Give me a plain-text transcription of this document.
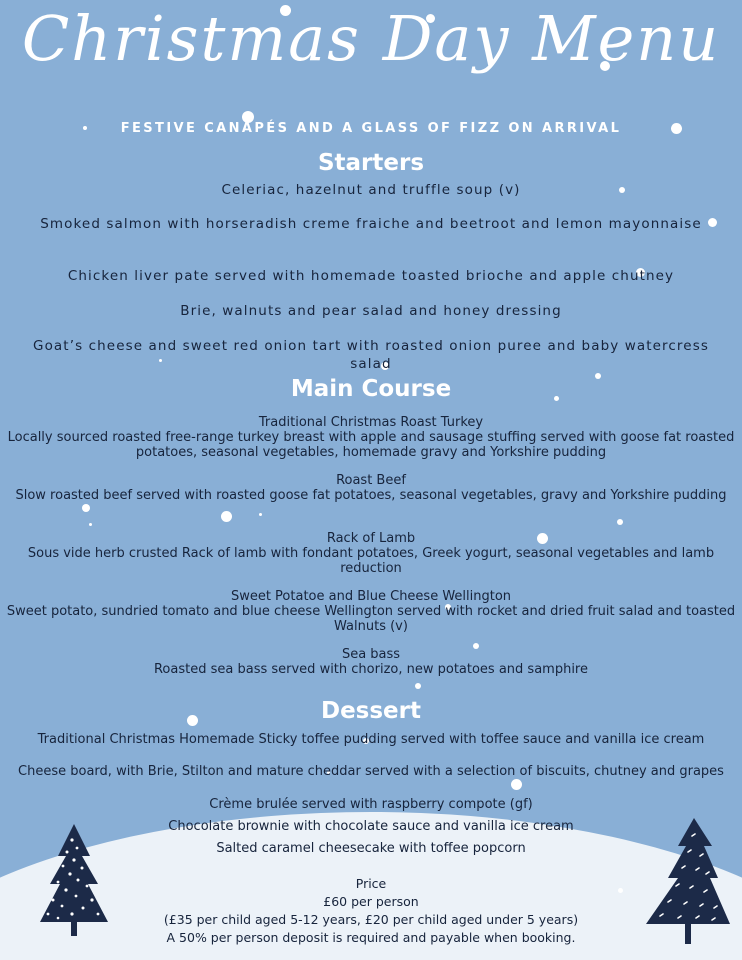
Christmas Day Menu
FESTIVE CANAPÉS AND A GLASS OF FIZZ ON ARRIVAL
Starters
Celeriac, hazelnut and truffle soup (v)
Smoked salmon with horseradish creme fraiche and beetroot and lemon mayonnaise
Chicken liver pate served with homemade toasted brioche and apple chutney
Brie, walnuts and pear salad and honey dressing
Goat’s cheese and sweet red onion tart with roasted onion puree and baby watercress salad
Main Course
Traditional Christmas Roast Turkey
Locally sourced roasted free-range turkey breast with apple and sausage stuffing served with goose fat roasted potatoes, seasonal vegetables, homemade gravy and Yorkshire pudding
Roast Beef
Slow roasted beef served with roasted goose fat potatoes, seasonal vegetables, gravy and Yorkshire pudding
Rack of Lamb
Sous vide herb crusted Rack of lamb with fondant potatoes, Greek yogurt, seasonal vegetables and lamb reduction
Sweet Potatoe and Blue Cheese Wellington
Sweet potato, sundried tomato and blue cheese Wellington served with rocket and dried fruit salad and toasted Walnuts (v)
Sea bass
Roasted sea bass served with chorizo, new potatoes and samphire
Dessert
Traditional Christmas Homemade Sticky toffee pudding served with toffee sauce and vanilla ice cream
Cheese board, with Brie, Stilton and mature cheddar served with a selection of biscuits, chutney and grapes
Crème brulée served with raspberry compote (gf)
Chocolate brownie with chocolate sauce and vanilla ice cream
Salted caramel cheesecake with toffee popcorn
Price
£60 per person
(£35 per child aged 5-12 years, £20 per child aged under 5 years)
A 50% per person deposit is required and payable when booking.
